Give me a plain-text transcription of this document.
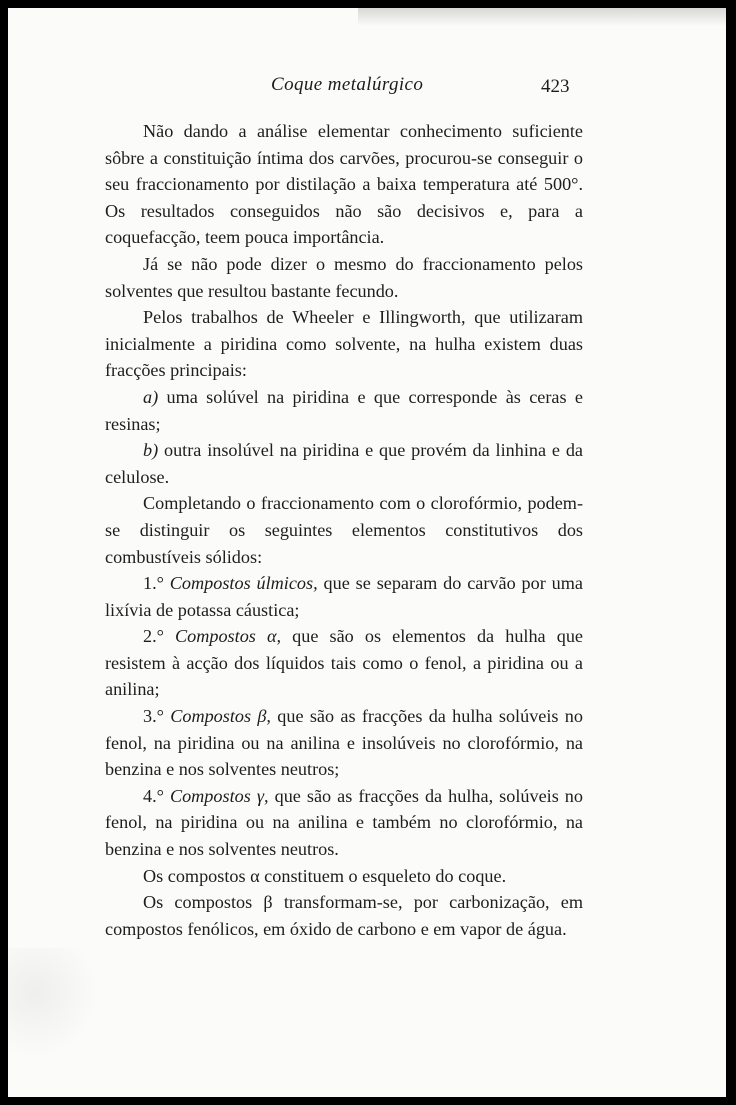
Coque metalúrgico	423

Não dando a análise elementar conhecimento suficiente sôbre a constituição íntima dos carvões, procurou-se conseguir o seu fraccionamento por distilação a baixa temperatura até 500°. Os resultados conseguidos não são decisivos e, para a coquefacção, teem pouca importância.

Já se não pode dizer o mesmo do fraccionamento pelos solventes que resultou bastante fecundo.

Pelos trabalhos de Wheeler e Illingworth, que utilizaram inicialmente a piridina como solvente, na hulha existem duas fracções principais:

a) uma solúvel na piridina e que corresponde às ceras e resinas;

b) outra insolúvel na piridina e que provém da linhina e da celulose.

Completando o fraccionamento com o clorofórmio, podem-se distinguir os seguintes elementos constitutivos dos combustíveis sólidos:

1.° Compostos úlmicos, que se separam do carvão por uma lixívia de potassa cáustica;

2.° Compostos α, que são os elementos da hulha que resistem à acção dos líquidos tais como o fenol, a piridina ou a anilina;

3.° Compostos β, que são as fracções da hulha solúveis no fenol, na piridina ou na anilina e insolúveis no clorofórmio, na benzina e nos solventes neutros;

4.° Compostos γ, que são as fracções da hulha, solúveis no fenol, na piridina ou na anilina e também no clorofórmio, na benzina e nos solventes neutros.

Os compostos α constituem o esqueleto do coque.

Os compostos β transformam-se, por carbonização, em compostos fenólicos, em óxido de carbono e em vapor de água.
